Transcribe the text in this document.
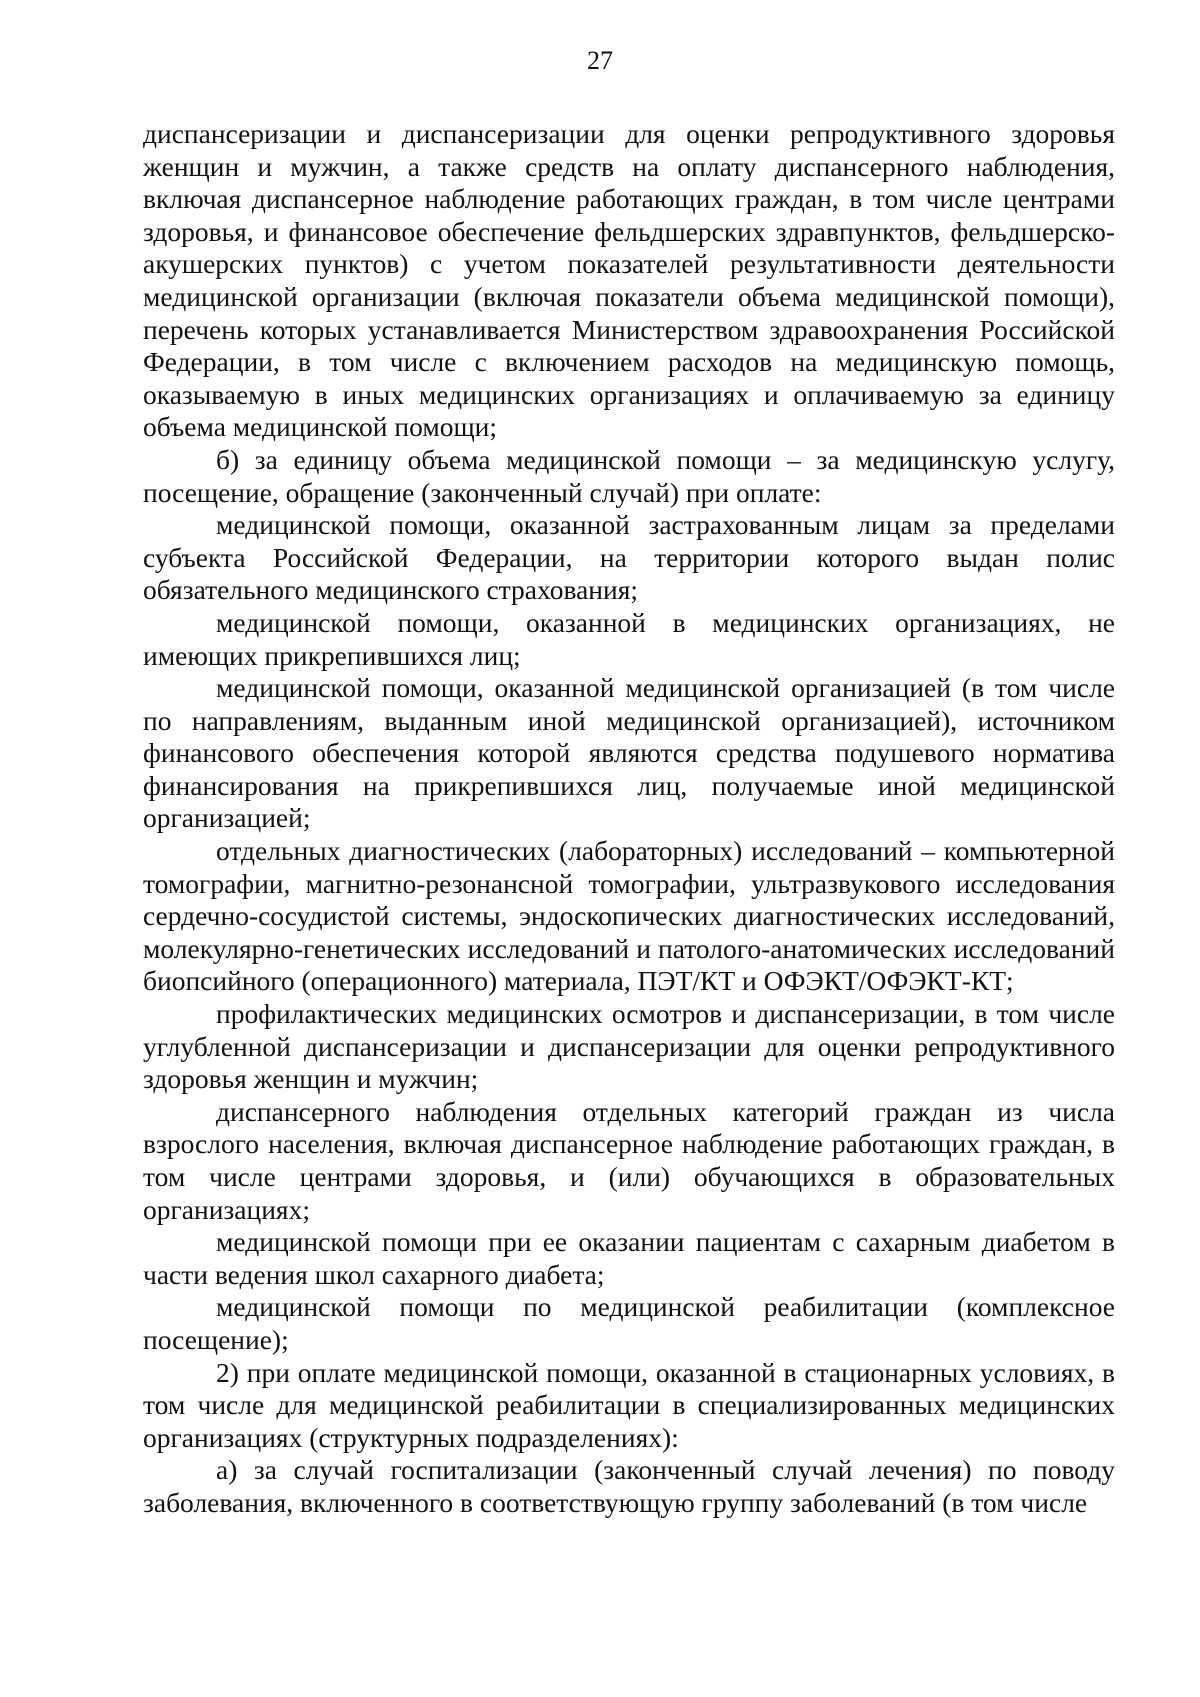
27

диспансеризации и диспансеризации для оценки репродуктивного здоровья женщин и мужчин, а также средств на оплату диспансерного наблюдения, включая диспансерное наблюдение работающих граждан, в том числе центрами здоровья, и финансовое обеспечение фельдшерских здравпунктов, фельдшерско-акушерских пунктов) с учетом показателей результативности деятельности медицинской организации (включая показатели объема медицинской помощи), перечень которых устанавливается Министерством здравоохранения Российской Федерации, в том числе с включением расходов на медицинскую помощь, оказываемую в иных медицинских организациях и оплачиваемую за единицу объема медицинской помощи;

б) за единицу объема медицинской помощи – за медицинскую услугу, посещение, обращение (законченный случай) при оплате:

медицинской помощи, оказанной застрахованным лицам за пределами субъекта Российской Федерации, на территории которого выдан полис обязательного медицинского страхования;

медицинской помощи, оказанной в медицинских организациях, не имеющих прикрепившихся лиц;

медицинской помощи, оказанной медицинской организацией (в том числе по направлениям, выданным иной медицинской организацией), источником финансового обеспечения которой являются средства подушевого норматива финансирования на прикрепившихся лиц, получаемые иной медицинской организацией;

отдельных диагностических (лабораторных) исследований – компьютерной томографии, магнитно-резонансной томографии, ультразвукового исследования сердечно-сосудистой системы, эндоскопических диагностических исследований, молекулярно-генетических исследований и патолого-анатомических исследований биопсийного (операционного) материала, ПЭТ/КТ и ОФЭКТ/ОФЭКТ-КТ;

профилактических медицинских осмотров и диспансеризации, в том числе углубленной диспансеризации и диспансеризации для оценки репродуктивного здоровья женщин и мужчин;

диспансерного наблюдения отдельных категорий граждан из числа взрослого населения, включая диспансерное наблюдение работающих граждан, в том числе центрами здоровья, и (или) обучающихся в образовательных организациях;

медицинской помощи при ее оказании пациентам с сахарным диабетом в части ведения школ сахарного диабета;

медицинской помощи по медицинской реабилитации (комплексное посещение);

2) при оплате медицинской помощи, оказанной в стационарных условиях, в том числе для медицинской реабилитации в специализированных медицинских организациях (структурных подразделениях):

а) за случай госпитализации (законченный случай лечения) по поводу заболевания, включенного в соответствующую группу заболеваний (в том числе
